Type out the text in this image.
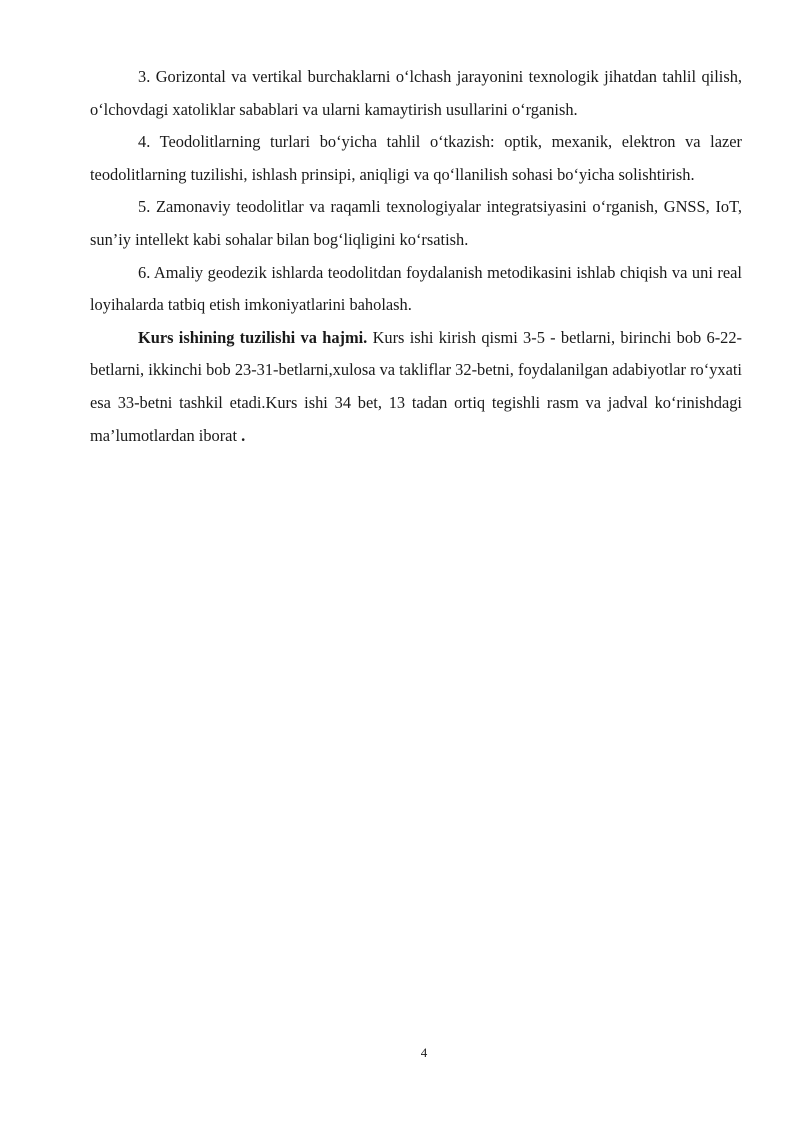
3. Gorizontal va vertikal burchaklarni o‘lchash jarayonini texnologik jihatdan tahlil qilish, o‘lchovdagi xatoliklar sabablari va ularni kamaytirish usullarini o‘rganish.

4. Teodolitlarning turlari bo‘yicha tahlil o‘tkazish: optik, mexanik, elektron va lazer teodolitlarning tuzilishi, ishlash prinsipi, aniqligi va qo‘llanilish sohasi bo‘yicha solishtirish.

5. Zamonaviy teodolitlar va raqamli texnologiyalar integratsiyasini o‘rganish, GNSS, IoT, sun’iy intellekt kabi sohalar bilan bog‘liqligini ko‘rsatish.

6. Amaliy geodezik ishlarda teodolitdan foydalanish metodikasini ishlab chiqish va uni real loyihalarda tatbiq etish imkoniyatlarini baholash.

Kurs ishining tuzilishi va hajmi. Kurs ishi kirish qismi 3-5 - betlarni, birinchi bob 6-22-betlarni, ikkinchi bob 23-31-betlarni,xulosa va takliflar 32-betni, foydalanilgan adabiyotlar ro‘yxati esa 33-betni tashkil etadi.Kurs ishi 34 bet, 13 tadan ortiq tegishli rasm va jadval ko‘rinishdagi ma’lumotlardan iborat .

4
